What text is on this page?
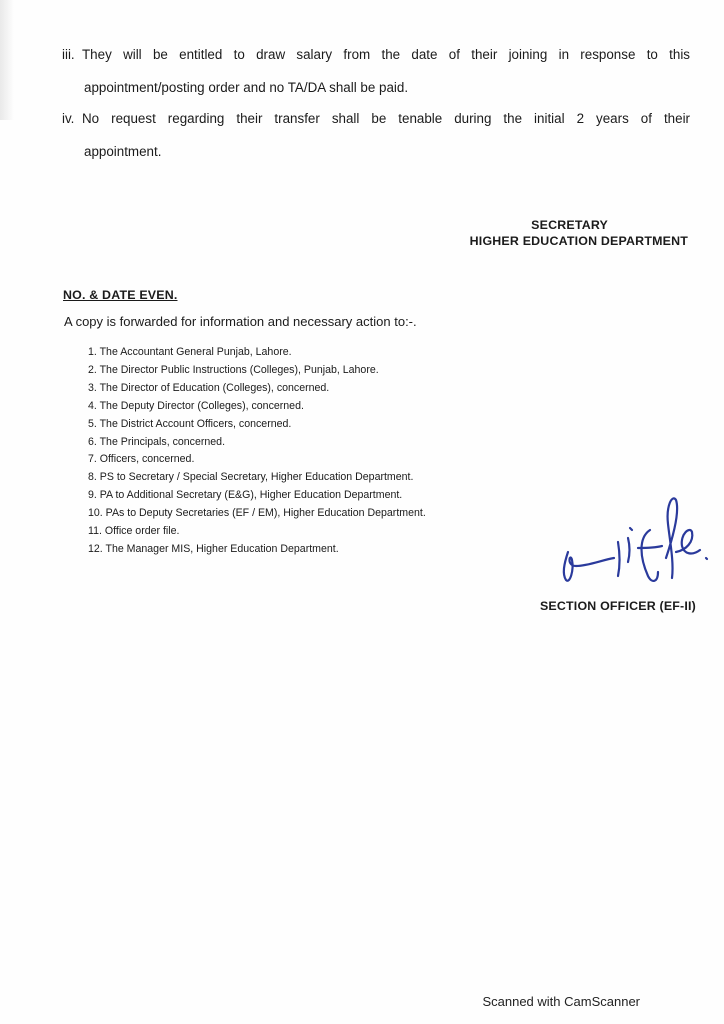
iii. They will be entitled to draw salary from the date of their joining in response to this
appointment/posting order and no TA/DA shall be paid.
iv. No request regarding their transfer shall be tenable during the initial 2 years of their
appointment.
SECRETARY
HIGHER EDUCATION DEPARTMENT
NO. & DATE EVEN.
A copy is forwarded for information and necessary action to:-.
1. The Accountant General Punjab, Lahore.
2. The Director Public Instructions (Colleges), Punjab, Lahore.
3. The Director of Education (Colleges), concerned.
4. The Deputy Director (Colleges), concerned.
5. The District Account Officers, concerned.
6. The Principals, concerned.
7. Officers, concerned.
8. PS to Secretary / Special Secretary, Higher Education Department.
9. PA to Additional Secretary (E&G), Higher Education Department.
10. PAs to Deputy Secretaries (EF / EM), Higher Education Department.
11. Office order file.
12. The Manager MIS, Higher Education Department.
SECTION OFFICER (EF-II)
Scanned with CamScanner
